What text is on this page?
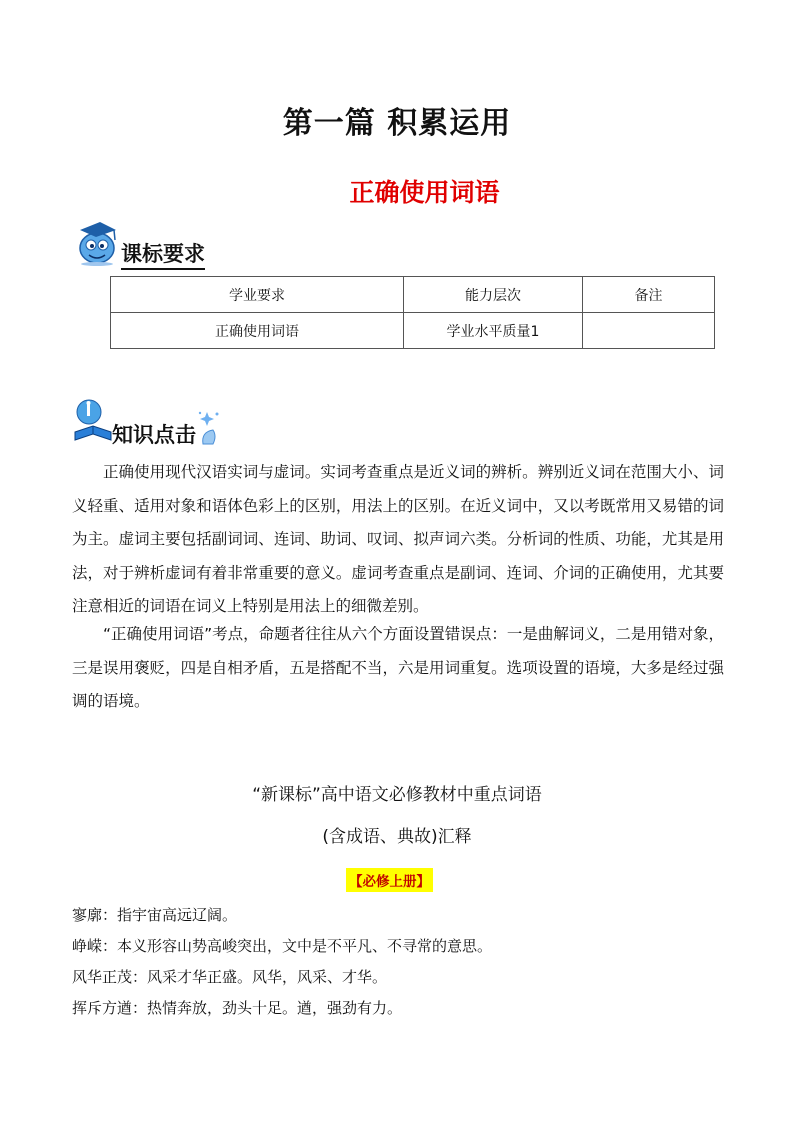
第一篇 积累运用
正确使用词语
课标要求
学业要求	能力层次	备注
正确使用词语	学业水平质量1	
知识点击
正确使用现代汉语实词与虚词。实词考查重点是近义词的辨析。辨别近义词在范围大小、词义轻重、适用对象和语体色彩上的区别，用法上的区别。在近义词中，又以考既常用又易错的词为主。虚词主要包括副词词、连词、助词、叹词、拟声词六类。分析词的性质、功能，尤其是用法，对于辨析虚词有着非常重要的意义。虚词考查重点是副词、连词、介词的正确使用，尤其要注意相近的词语在词义上特别是用法上的细微差别。
“正确使用词语”考点，命题者往往从六个方面设置错误点：一是曲解词义，二是用错对象，三是误用褒贬，四是自相矛盾，五是搭配不当，六是用词重复。选项设置的语境，大多是经过强调的语境。
“新课标”高中语文必修教材中重点词语
(含成语、典故)汇释
【必修上册】
寥廓：指宇宙高远辽阔。
峥嵘：本义形容山势高峻突出，文中是不平凡、不寻常的意思。
风华正茂：风采才华正盛。风华，风采、才华。
挥斥方遒：热情奔放，劲头十足。遒，强劲有力。
